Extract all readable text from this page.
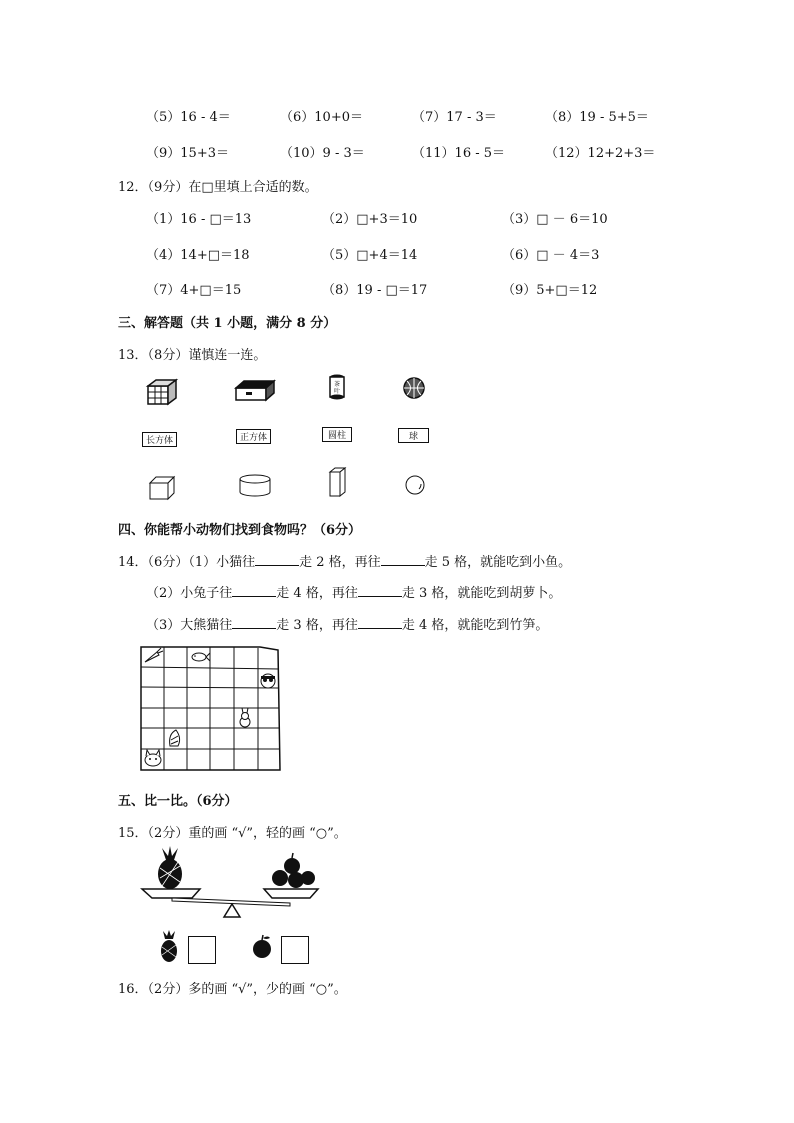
（5）16 - 4＝	（6）10+0＝	（7）17 - 3＝	（8）19 - 5+5＝
（9）15+3＝	（10）9 - 3＝	（11）16 - 5＝	（12）12+2+3＝
12．（9分）在□里填上合适的数。
（1）16 - □＝13	（2）□+3＝10	（3）□ － 6＝10
（4）14+□＝18	（5）□+4＝14	（6）□ － 4＝3
（7）4+□＝15	（8）19 - □＝17	（9）5+□＝12
三、解答题（共 1 小题，满分 8 分）
13．（8分）谨慎连一连。
茶
叶
长方体	正方体	圆柱	球
四、你能帮小动物们找到食物吗？（6分）
14．（6分）（1）小猫往	走 2 格，再往	走 5 格，就能吃到小鱼。
（2）小兔子往	走 4 格，再往	走 3 格，就能吃到胡萝卜。
（3）大熊猫往	走 3 格，再往	走 4 格，就能吃到竹笋。
五、比一比。（6分）
15．（2分）重的画 “√”，轻的画 “○”。
16．（2分）多的画 “√”，少的画 “○”。
